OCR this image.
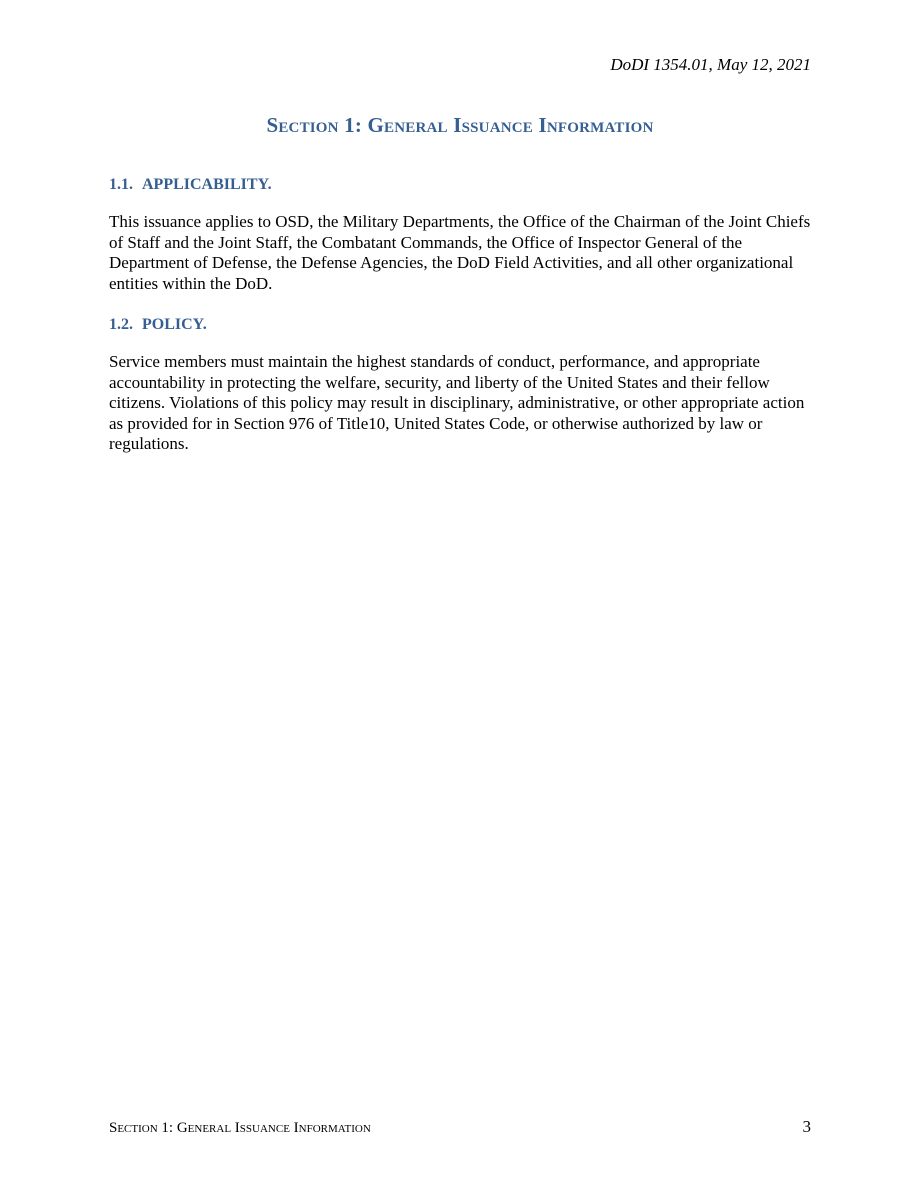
DoDI 1354.01, May 12, 2021
Section 1: General Issuance Information
1.1. APPLICABILITY.
This issuance applies to OSD, the Military Departments, the Office of the Chairman of the Joint Chiefs of Staff and the Joint Staff, the Combatant Commands, the Office of Inspector General of the Department of Defense, the Defense Agencies, the DoD Field Activities, and all other organizational entities within the DoD.
1.2. POLICY.
Service members must maintain the highest standards of conduct, performance, and appropriate accountability in protecting the welfare, security, and liberty of the United States and their fellow citizens. Violations of this policy may result in disciplinary, administrative, or other appropriate action as provided for in Section 976 of Title10, United States Code, or otherwise authorized by law or regulations.
Section 1: General Issuance Information	3
